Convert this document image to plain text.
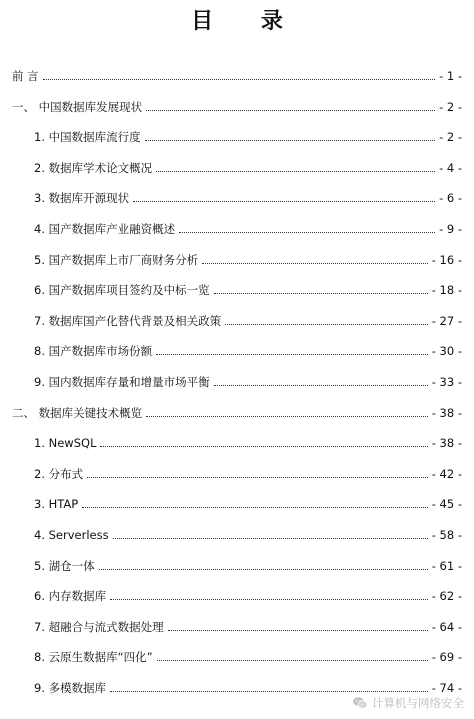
目 录
前 言	- 1 -
一、 中国数据库发展现状	- 2 -
1. 中国数据库流行度	- 2 -
2. 数据库学术论文概况	- 4 -
3. 数据库开源现状	- 6 -
4. 国产数据库产业融资概述	- 9 -
5. 国产数据库上市厂商财务分析	- 16 -
6. 国产数据库项目签约及中标一览	- 18 -
7. 数据库国产化替代背景及相关政策	- 27 -
8. 国产数据库市场份额	- 30 -
9. 国内数据库存量和增量市场平衡	- 33 -
二、 数据库关键技术概览	- 38 -
1. NewSQL	- 38 -
2. 分布式	- 42 -
3. HTAP	- 45 -
4. Serverless	- 58 -
5. 湖仓一体	- 61 -
6. 内存数据库	- 62 -
7. 超融合与流式数据处理	- 64 -
8. 云原生数据库“四化”	- 69 -
9. 多模数据库	- 74 -
计算机与网络安全
